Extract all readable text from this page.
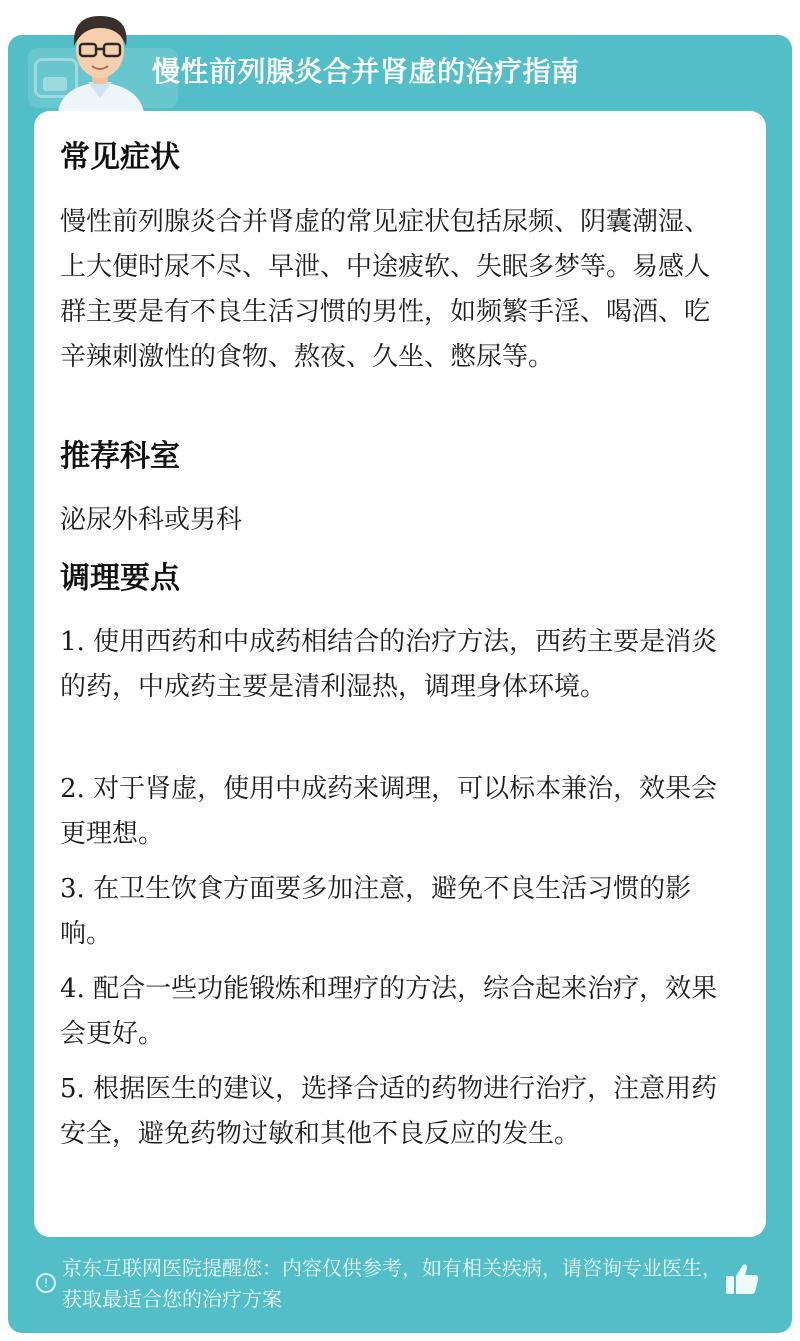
慢性前列腺炎合并肾虚的治疗指南
常见症状
慢性前列腺炎合并肾虚的常见症状包括尿频、阴囊潮湿、上大便时尿不尽、早泄、中途疲软、失眠多梦等。易感人群主要是有不良生活习惯的男性，如频繁手淫、喝酒、吃辛辣刺激性的食物、熬夜、久坐、憋尿等。
推荐科室
泌尿外科或男科
调理要点
1. 使用西药和中成药相结合的治疗方法，西药主要是消炎的药，中成药主要是清利湿热，调理身体环境。
2. 对于肾虚，使用中成药来调理，可以标本兼治，效果会更理想。
3. 在卫生饮食方面要多加注意，避免不良生活习惯的影响。
4. 配合一些功能锻炼和理疗的方法，综合起来治疗，效果会更好。
5. 根据医生的建议，选择合适的药物进行治疗，注意用药安全，避免药物过敏和其他不良反应的发生。
!
京东互联网医院提醒您：内容仅供参考，如有相关疾病，请咨询专业医生，获取最适合您的治疗方案
